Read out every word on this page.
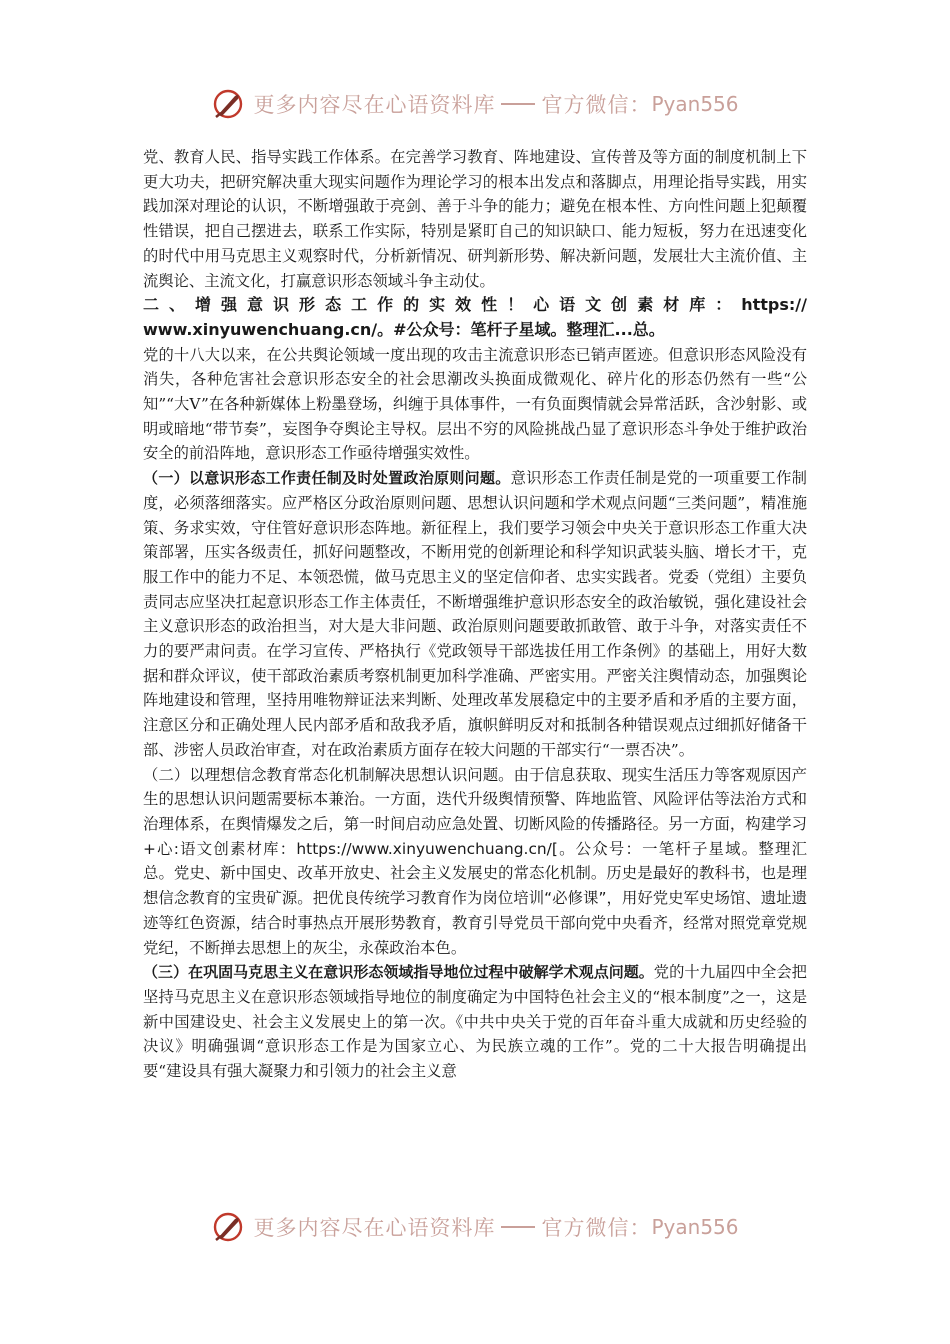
更多内容尽在心语资料库 官方微信： Pyan556

党、教育人民、指导实践工作体系。在完善学习教育、阵地建设、宣传普及等方面的制度机制上下更大功夫，把研究解决重大现实问题作为理论学习的根本出发点和落脚点，用理论指导实践，用实践加深对理论的认识，不断增强敢于亮剑、善于斗争的能力；避免在根本性、方向性问题上犯颠覆性错误，把自己摆进去，联系工作实际，特别是紧盯自己的知识缺口、能力短板，努力在迅速变化的时代中用马克思主义观察时代，分析新情况、研判新形势、解决新问题，发展壮大主流价值、主流舆论、主流文化，打赢意识形态领域斗争主动仗。

二、增强意识形态工作的实效性！心语文创素材库：https://

www.xinyuwenchuang.cn/。#公众号：笔杆子星域。整理汇...总。

党的十八大以来，在公共舆论领域一度出现的攻击主流意识形态已销声匿迹。但意识形态风险没有消失，各种危害社会意识形态安全的社会思潮改头换面成微观化、碎片化的形态仍然有一些“公知”“大V”在各种新媒体上粉墨登场，纠缠于具体事件，一有负面舆情就会异常活跃，含沙射影、或明或暗地“带节奏”，妄图争夺舆论主导权。层出不穷的风险挑战凸显了意识形态斗争处于维护政治安全的前沿阵地，意识形态工作亟待增强实效性。

（一）以意识形态工作责任制及时处置政治原则问题。意识形态工作责任制是党的一项重要工作制度，必须落细落实。应严格区分政治原则问题、思想认识问题和学术观点问题“三类问题”，精准施策、务求实效，守住管好意识形态阵地。新征程上，我们要学习领会中央关于意识形态工作重大决策部署，压实各级责任，抓好问题整改，不断用党的创新理论和科学知识武装头脑、增长才干，克服工作中的能力不足、本领恐慌，做马克思主义的坚定信仰者、忠实实践者。党委（党组）主要负责同志应坚决扛起意识形态工作主体责任，不断增强维护意识形态安全的政治敏锐，强化建设社会主义意识形态的政治担当，对大是大非问题、政治原则问题要敢抓敢管、敢于斗争，对落实责任不力的要严肃问责。在学习宣传、严格执行《党政领导干部选拔任用工作条例》的基础上，用好大数据和群众评议，使干部政治素质考察机制更加科学准确、严密实用。严密关注舆情动态，加强舆论阵地建设和管理，坚持用唯物辩证法来判断、处理改革发展稳定中的主要矛盾和矛盾的主要方面，注意区分和正确处理人民内部矛盾和敌我矛盾，旗帜鲜明反对和抵制各种错误观点过细抓好储备干部、涉密人员政治审查，对在政治素质方面存在较大问题的干部实行“一票否决”。

（二）以理想信念教育常态化机制解决思想认识问题。由于信息获取、现实生活压力等客观原因产生的思想认识问题需要标本兼治。一方面，迭代升级舆情预警、阵地监管、风险评估等法治方式和治理体系，在舆情爆发之后，第一时间启动应急处置、切断风险的传播路径。另一方面，构建学习+心:语文创素材库：https://www.xinyuwenchuang.cn/[。公众号：一笔杆子星域。整理汇总。党史、新中国史、改革开放史、社会主义发展史的常态化机制。历史是最好的教科书，也是理想信念教育的宝贵矿源。把优良传统学习教育作为岗位培训“必修课”，用好党史军史场馆、遗址遗迹等红色资源，结合时事热点开展形势教育，教育引导党员干部向党中央看齐，经常对照党章党规党纪，不断掸去思想上的灰尘，永葆政治本色。

（三）在巩固马克思主义在意识形态领域指导地位过程中破解学术观点问题。党的十九届四中全会把坚持马克思主义在意识形态领域指导地位的制度确定为中国特色社会主义的“根本制度”之一，这是新中国建设史、社会主义发展史上的第一次。《中共中央关于党的百年奋斗重大成就和历史经验的决议》明确强调“意识形态工作是为国家立心、为民族立魂的工作”。党的二十大报告明确提出要“建设具有强大凝聚力和引领力的社会主义意

更多内容尽在心语资料库 官方微信： Pyan556
